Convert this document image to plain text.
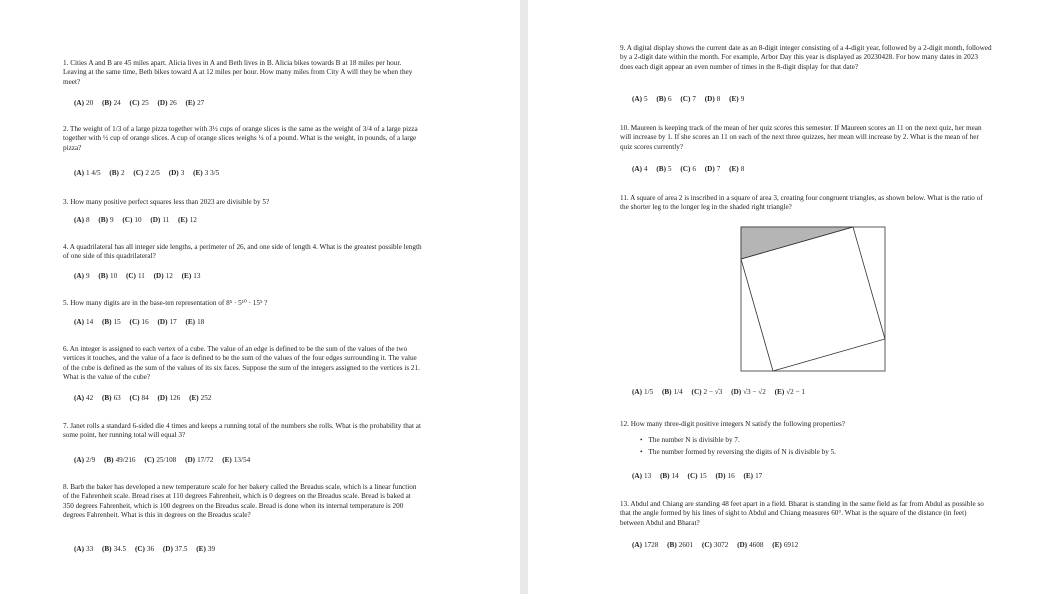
1. Cities A and B are 45 miles apart. Alicia lives in A and Beth lives in B. Alicia bikes towards B at 18 miles per hour. Leaving at the same time, Beth bikes toward A at 12 miles per hour. How many miles from City A will they be when they meet?
(A) 20 (B) 24 (C) 25 (D) 26 (E) 27
2. The weight of 1/3 of a large pizza together with 3½ cups of orange slices is the same as the weight of 3/4 of a large pizza together with ½ cup of orange slices. A cup of orange slices weighs ¼ of a pound. What is the weight, in pounds, of a large pizza?
(A) 1 4/5 (B) 2 (C) 2 2/5 (D) 3 (E) 3 3/5
3. How many positive perfect squares less than 2023 are divisible by 5?
(A) 8 (B) 9 (C) 10 (D) 11 (E) 12
4. A quadrilateral has all integer side lengths, a perimeter of 26, and one side of length 4. What is the greatest possible length of one side of this quadrilateral?
(A) 9 (B) 10 (C) 11 (D) 12 (E) 13
5. How many digits are in the base-ten representation of 8⁵ · 5¹⁰ · 15⁵ ?
(A) 14 (B) 15 (C) 16 (D) 17 (E) 18
6. An integer is assigned to each vertex of a cube. The value of an edge is defined to be the sum of the values of the two vertices it touches, and the value of a face is defined to be the sum of the values of the four edges surrounding it. The value of the cube is defined as the sum of the values of its six faces. Suppose the sum of the integers assigned to the vertices is 21. What is the value of the cube?
(A) 42 (B) 63 (C) 84 (D) 126 (E) 252
7. Janet rolls a standard 6-sided die 4 times and keeps a running total of the numbers she rolls. What is the probability that at some point, her running total will equal 3?
(A) 2/9 (B) 49/216 (C) 25/108 (D) 17/72 (E) 13/54
8. Barb the baker has developed a new temperature scale for her bakery called the Breadus scale, which is a linear function of the Fahrenheit scale. Bread rises at 110 degrees Fahrenheit, which is 0 degrees on the Breadus scale. Bread is baked at 350 degrees Fahrenheit, which is 100 degrees on the Breadus scale. Bread is done when its internal temperature is 200 degrees Fahrenheit. What is this in degrees on the Breadus scale?
(A) 33 (B) 34.5 (C) 36 (D) 37.5 (E) 39
9. A digital display shows the current date as an 8-digit integer consisting of a 4-digit year, followed by a 2-digit month, followed by a 2-digit date within the month. For example, Arbor Day this year is displayed as 20230428. For how many dates in 2023 does each digit appear an even number of times in the 8-digit display for that date?
(A) 5 (B) 6 (C) 7 (D) 8 (E) 9
10. Maureen is keeping track of the mean of her quiz scores this semester. If Maureen scores an 11 on the next quiz, her mean will increase by 1. If she scores an 11 on each of the next three quizzes, her mean will increase by 2. What is the mean of her quiz scores currently?
(A) 4 (B) 5 (C) 6 (D) 7 (E) 8
11. A square of area 2 is inscribed in a square of area 3, creating four congruent triangles, as shown below. What is the ratio of the shorter leg to the longer leg in the shaded right triangle?
(A) 1/5 (B) 1/4 (C) 2 − √3 (D) √3 − √2 (E) √2 − 1
12. How many three-digit positive integers N satisfy the following properties?
• The number N is divisible by 7.
• The number formed by reversing the digits of N is divisible by 5.
(A) 13 (B) 14 (C) 15 (D) 16 (E) 17
13. Abdul and Chiang are standing 48 feet apart in a field. Bharat is standing in the same field as far from Abdul as possible so that the angle formed by his lines of sight to Abdul and Chiang measures 60°. What is the square of the distance (in feet) between Abdul and Bharat?
(A) 1728 (B) 2601 (C) 3072 (D) 4608 (E) 6912
